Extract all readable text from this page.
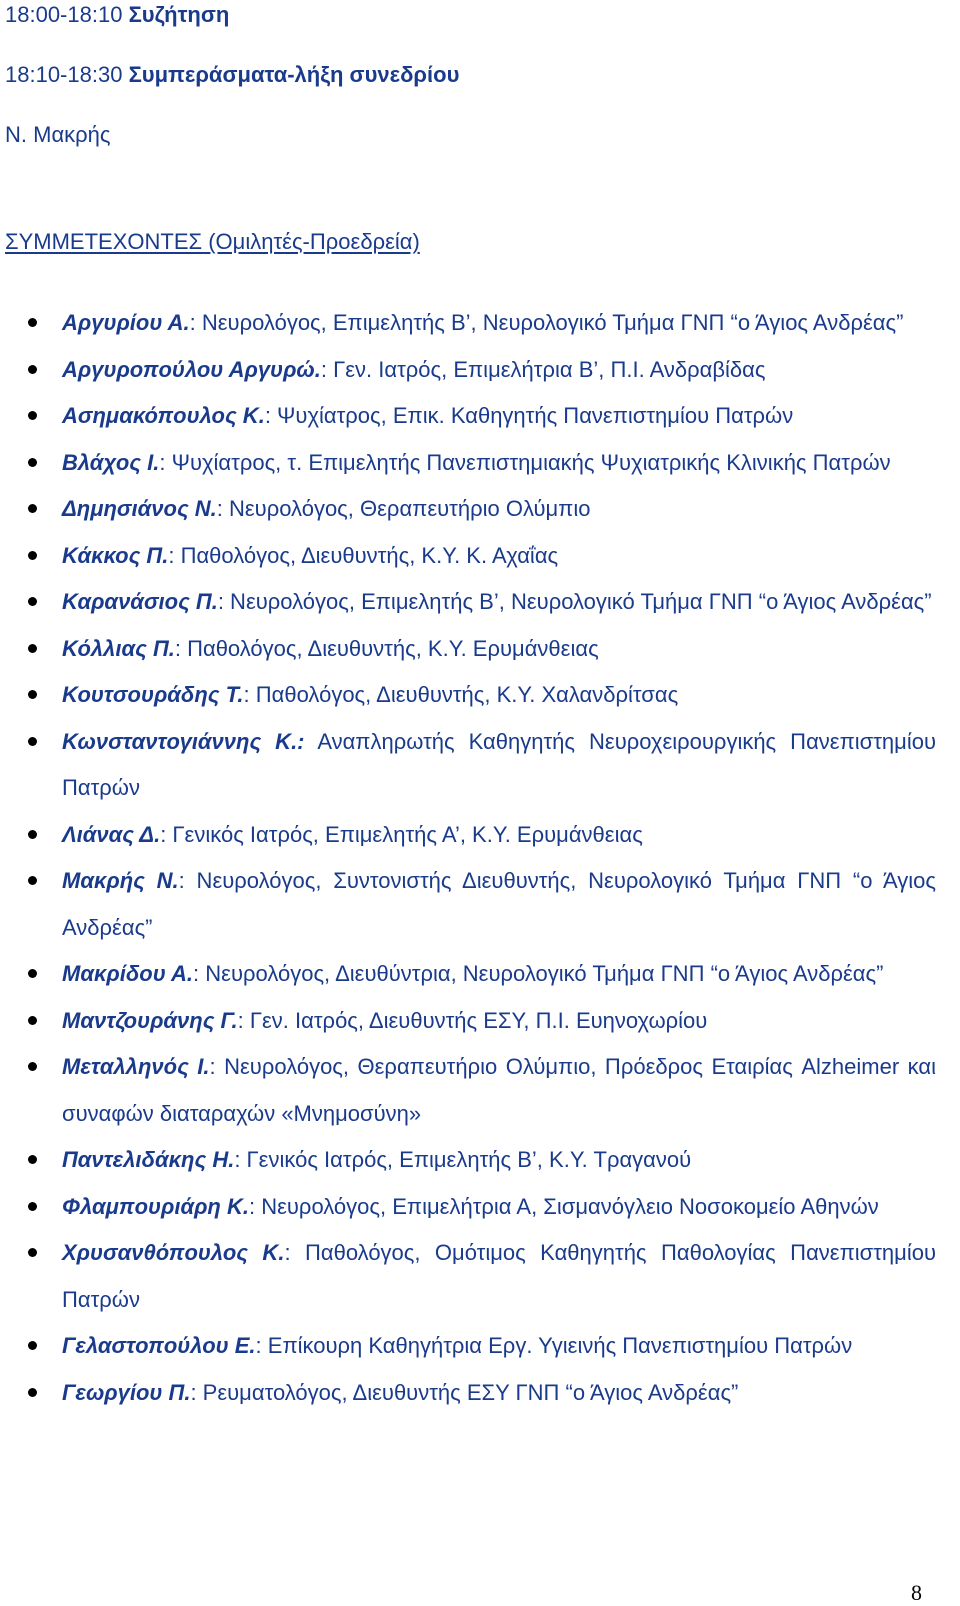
18:00-18:10 Συζήτηση
18:10-18:30 Συμπεράσματα-λήξη συνεδρίου
Ν. Μακρής
ΣΥΜΜΕΤΕΧΟΝΤΕΣ (Ομιλητές-Προεδρεία)
Αργυρίου Α.: Νευρολόγος, Επιμελητής Β’, Νευρολογικό Τμήμα ΓΝΠ “ο Άγιος Ανδρέας”
Αργυροπούλου Αργυρώ.: Γεν. Ιατρός, Επιμελήτρια Β’, Π.Ι. Ανδραβίδας
Ασημακόπουλος Κ.: Ψυχίατρος, Επικ. Καθηγητής Πανεπιστημίου Πατρών
Βλάχος Ι.: Ψυχίατρος, τ. Επιμελητής Πανεπιστημιακής Ψυχιατρικής Κλινικής Πατρών
Δημησιάνος Ν.: Νευρολόγος, Θεραπευτήριο Ολύμπιο
Κάκκος Π.: Παθολόγος, Διευθυντής, Κ.Υ. Κ. Αχαΐας
Καρανάσιος Π.: Νευρολόγος, Επιμελητής Β’, Νευρολογικό Τμήμα ΓΝΠ “ο Άγιος Ανδρέας”
Κόλλιας Π.: Παθολόγος, Διευθυντής, Κ.Υ. Ερυμάνθειας
Κουτσουράδης Τ.: Παθολόγος, Διευθυντής, Κ.Υ. Χαλανδρίτσας
Κωνσταντογιάννης Κ.: Αναπληρωτής Καθηγητής Νευροχειρουργικής Πανεπιστημίου Πατρών
Λιάνας Δ.: Γενικός Ιατρός, Επιμελητής Α’, Κ.Υ. Ερυμάνθειας
Μακρής Ν.: Νευρολόγος, Συντονιστής Διευθυντής, Νευρολογικό Τμήμα ΓΝΠ “ο Άγιος Ανδρέας”
Μακρίδου Α.: Νευρολόγος, Διευθύντρια, Νευρολογικό Τμήμα ΓΝΠ “ο Άγιος Ανδρέας”
Μαντζουράνης Γ.: Γεν. Ιατρός, Διευθυντής ΕΣΥ, Π.Ι. Ευηνοχωρίου
Μεταλληνός Ι.: Νευρολόγος, Θεραπευτήριο Ολύμπιο, Πρόεδρος Εταιρίας Alzheimer και συναφών διαταραχών «Μνημοσύνη»
Παντελιδάκης Η.: Γενικός Ιατρός, Επιμελητής Β’, Κ.Υ. Τραγανού
Φλαμπουριάρη Κ.: Νευρολόγος, Επιμελήτρια Α, Σισμανόγλειο Νοσοκομείο Αθηνών
Χρυσανθόπουλος Κ.: Παθολόγος, Ομότιμος Καθηγητής Παθολογίας Πανεπιστημίου Πατρών
Γελαστοπούλου Ε.: Επίκουρη Καθηγήτρια Εργ. Υγιεινής Πανεπιστημίου Πατρών
Γεωργίου Π.: Ρευματολόγος, Διευθυντής ΕΣΥ ΓΝΠ “ο Άγιος Ανδρέας”
8
